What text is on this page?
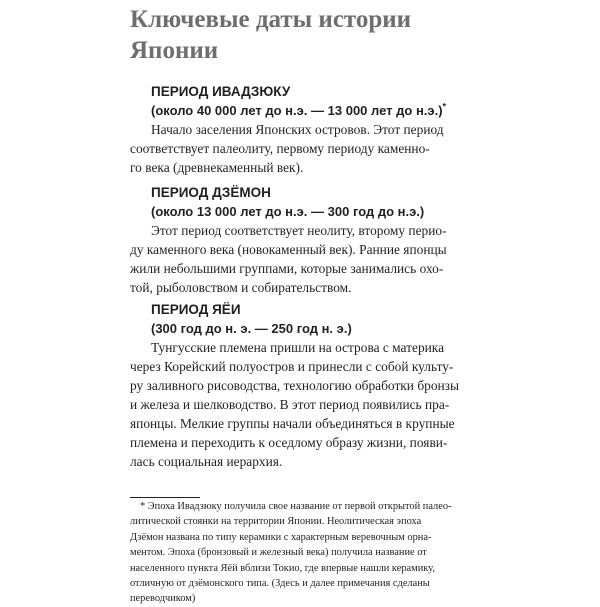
Ключевые даты истории
Японии

ПЕРИОД ИВАДЗЮКУ

(около 40 000 лет до н.э. — 13 000 лет до н.э.)*

Начало заселения Японских островов. Этот период
соответствует палеолиту, первому периоду каменно-
го века (древнекаменный век).

ПЕРИОД ДЗЁМОН

(около 13 000 лет до н.э. — 300 год до н.э.)

Этот период соответствует неолиту, второму перио-
ду каменного века (новокаменный век). Ранние японцы
жили небольшими группами, которые занимались охо-
той, рыболовством и собирательством.

ПЕРИОД ЯЁИ

(300 год до н. э. — 250 год н. э.)

Тунгусские племена пришли на острова с материка
через Корейский полуостров и принесли с собой культу-
ру заливного рисоводства, технологию обработки бронзы
и железа и шелководство. В этот период появились пра-
японцы. Мелкие группы начали объединяться в крупные
племена и переходить к оседлому образу жизни, появи-
лась социальная иерархия.

* Эпоха Ивадзюку получила свое название от первой открытой палео-
литической стоянки на территории Японии. Неолитическая эпоха
Дзёмон названа по типу керамики с характерным веревочным орна-
ментом. Эпоха (бронзовый и железный века) получила название от
населенного пункта Яёй вблизи Токио, где впервые нашли керамику,
отличную от дзёмонского типа. (Здесь и далее примечания сделаны
переводчиком)
